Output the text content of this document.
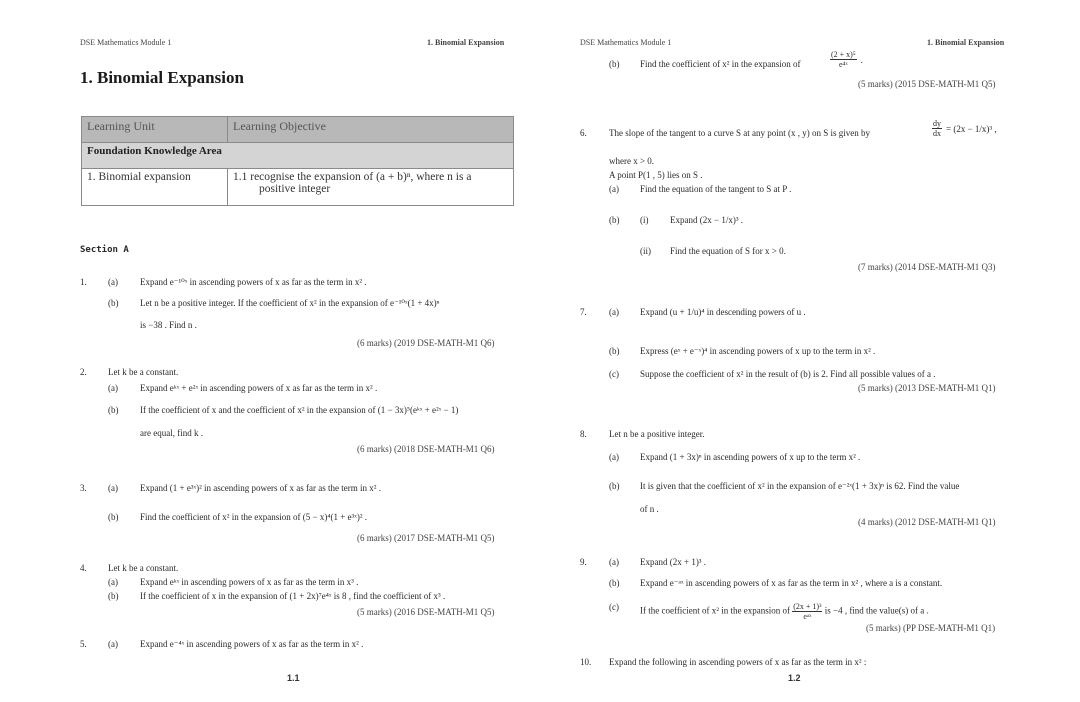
DSE Mathematics Module 1	1. Binomial Expansion
1. Binomial Expansion
Learning Unit	Learning Objective
Foundation Knowledge Area	
1. Binomial expansion	1.1 recognise the expansion of (a + b)ⁿ, where n is a
positive integer
Section A
1. (a) Expand e⁻¹⁰ˣ in ascending powers of x as far as the term in x² .
(b) Let n be a positive integer. If the coefficient of x² in the expansion of e⁻¹⁰ˣ(1 + 4x)ⁿ
is −38 . Find n .
(6 marks) (2019 DSE-MATH-M1 Q6)
2. Let k be a constant.
(a) Expand eᵏˣ + e²ˣ in ascending powers of x as far as the term in x² .
(b) If the coefficient of x and the coefficient of x² in the expansion of (1 − 3x)⁵(eᵏˣ + e²ˣ − 1)
are equal, find k .
(6 marks) (2018 DSE-MATH-M1 Q6)
3. (a) Expand (1 + e³ˣ)² in ascending powers of x as far as the term in x² .
(b) Find the coefficient of x² in the expansion of (5 − x)⁴(1 + e³ˣ)² .
(6 marks) (2017 DSE-MATH-M1 Q5)
4. Let k be a constant.
(a) Expand eᵏˣ in ascending powers of x as far as the term in x³ .
(b) If the coefficient of x in the expansion of (1 + 2x)⁷e⁴ˣ is 8 , find the coefficient of x³ .
(5 marks) (2016 DSE-MATH-M1 Q5)
5. (a) Expand e⁻⁴ˣ in ascending powers of x as far as the term in x² .
1.1
DSE Mathematics Module 1	1. Binomial Expansion
(b) Find the coefficient of x² in the expansion of	$\frac{\text{(2 + x)⁵}}{\text{e⁴ˣ}}$ .
(5 marks) (2015 DSE-MATH-M1 Q5)
6. The slope of the tangent to a curve S at any point (x , y) on S is given by	$\frac{dy}{dx} = (2x - 1/x)^3$ ,
where x > 0.
A point P(1 , 5) lies on S .
(a) Find the equation of the tangent to S at P .
(b) (i) Expand (2x − 1/x)³ .
(ii) Find the equation of S for x > 0.
(7 marks) (2014 DSE-MATH-M1 Q3)
7. (a) Expand (u + 1/u)⁴ in descending powers of u .
(b) Express (eˣ + e⁻ˣ)⁴ in ascending powers of x up to the term in x² .
(c) Suppose the coefficient of x² in the result of (b) is 2. Find all possible values of a .
(5 marks) (2013 DSE-MATH-M1 Q1)
8. Let n be a positive integer.
(a) Expand (1 + 3x)ⁿ in ascending powers of x up to the term x² .
(b) It is given that the coefficient of x² in the expansion of e⁻²ˣ(1 + 3x)ⁿ is 62. Find the value
of n .
(4 marks) (2012 DSE-MATH-M1 Q1)
9. (a) Expand (2x + 1)³ .
(b) Expand e⁻ᵃˣ in ascending powers of x as far as the term in x² , where a is a constant.
(c) If the coefficient of x² in the expansion of $\frac{\text{(2x + 1)³}}{\text{eᵃˣ}}$ is −4 , find the value(s) of a .
(5 marks) (PP DSE-MATH-M1 Q1)
10. Expand the following in ascending powers of x as far as the term in x² :
1.2
